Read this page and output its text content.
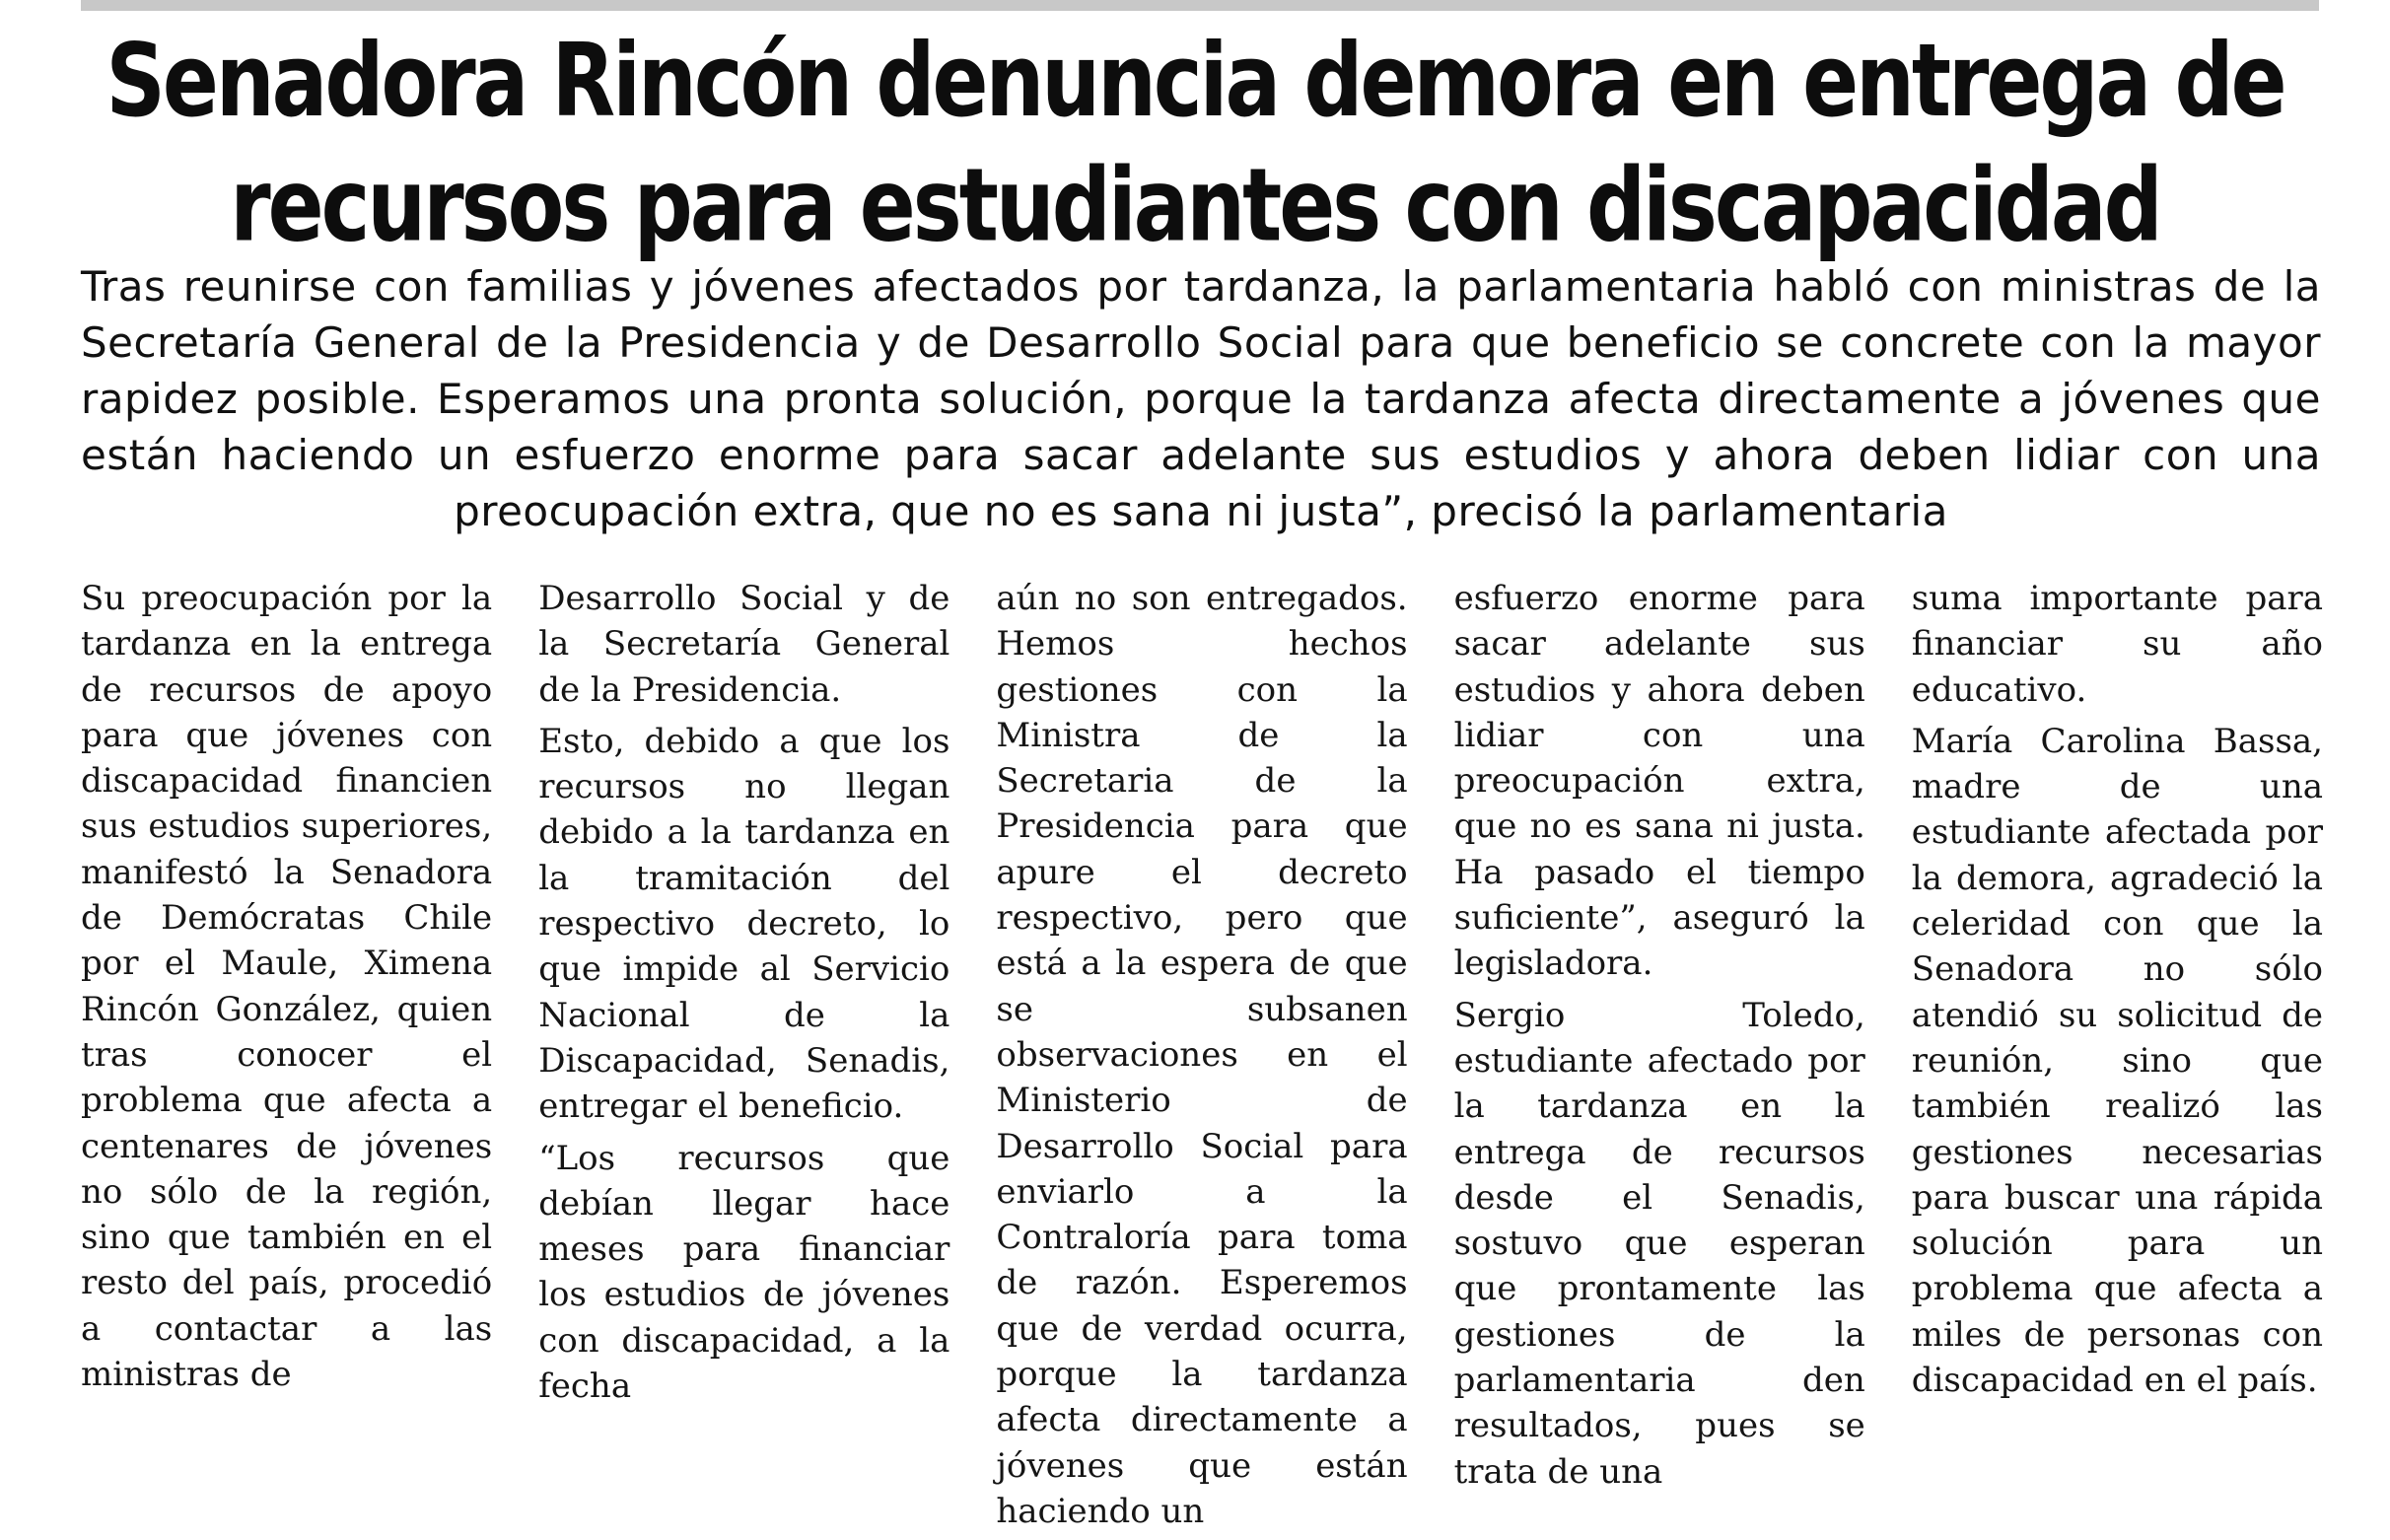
Senadora Rincón denuncia demora en entrega de recursos para estudiantes con discapacidad

Tras reunirse con familias y jóvenes afectados por tardanza, la parlamentaria habló con ministras de la Secretaría General de la Presidencia y de Desarrollo Social para que beneficio se concrete con la mayor rapidez posible. Esperamos una pronta solución, porque la tardanza afecta directamente a jóvenes que están haciendo un esfuerzo enorme para sacar adelante sus estudios y ahora deben lidiar con una preocupación extra, que no es sana ni justa”, precisó la parlamentaria

Su preocupación por la tardanza en la entrega de recursos de apoyo para que jóvenes con discapacidad financien sus estudios superiores, manifestó la Senadora de Demócratas Chile por el Maule, Ximena Rincón González, quien tras conocer el problema que afecta a centenares de jóvenes no sólo de la región, sino que también en el resto del país, procedió a contactar a las ministras de

Desarrollo Social y de la Secretaría General de la Presidencia.

Esto, debido a que los recursos no llegan debido a la tardanza en la tramitación del respectivo decreto, lo que impide al Servicio Nacional de la Discapacidad, Senadis, entregar el beneficio.

“Los recursos que debían llegar hace meses para financiar los estudios de jóvenes con discapacidad, a la fecha

aún no son entregados. Hemos hechos gestiones con la Ministra de la Secretaria de la Presidencia para que apure el decreto respectivo, pero que está a la espera de que se subsanen observaciones en el Ministerio de Desarrollo Social para enviarlo a la Contraloría para toma de razón. Esperemos que de verdad ocurra, porque la tardanza afecta directamente a jóvenes que están haciendo un

esfuerzo enorme para sacar adelante sus estudios y ahora deben lidiar con una preocupación extra, que no es sana ni justa. Ha pasado el tiempo suficiente”, aseguró la legisladora.

Sergio Toledo, estudiante afectado por la tardanza en la entrega de recursos desde el Senadis, sostuvo que esperan que prontamente las gestiones de la parlamentaria den resultados, pues se trata de una

suma importante para financiar su año educativo.

María Carolina Bassa, madre de una estudiante afectada por la demora, agradeció la celeridad con que la Senadora no sólo atendió su solicitud de reunión, sino que también realizó las gestiones necesarias para buscar una rápida solución para un problema que afecta a miles de personas con discapacidad en el país.
